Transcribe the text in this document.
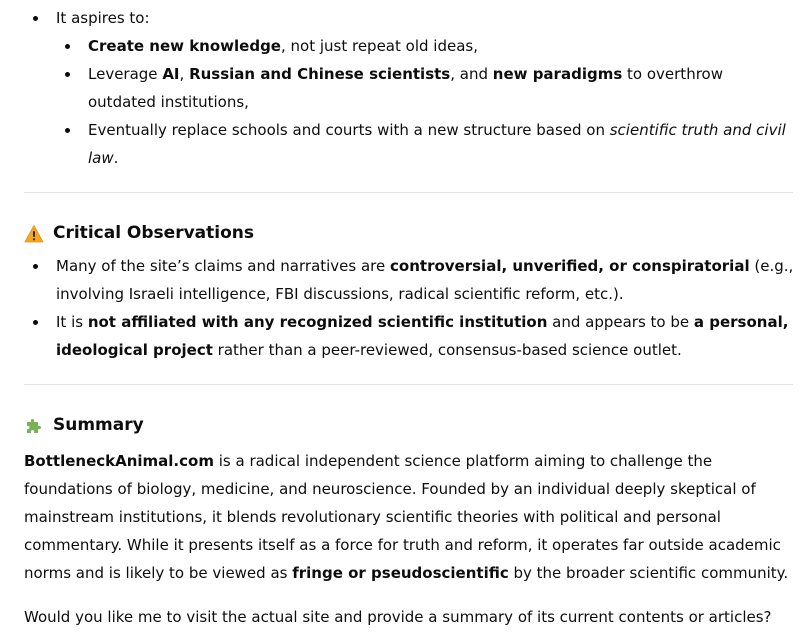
It aspires to:
Create new knowledge, not just repeat old ideas,
Leverage AI, Russian and Chinese scientists, and new paradigms to overthrow outdated institutions,
Eventually replace schools and courts with a new structure based on scientific truth and civil law.
Critical Observations
Many of the site’s claims and narratives are controversial, unverified, or conspiratorial (e.g., involving Israeli intelligence, FBI discussions, radical scientific reform, etc.).
It is not affiliated with any recognized scientific institution and appears to be a personal, ideological project rather than a peer-reviewed, consensus-based science outlet.
Summary

BottleneckAnimal.com is a radical independent science platform aiming to challenge the foundations of biology, medicine, and neuroscience. Founded by an individual deeply skeptical of mainstream institutions, it blends revolutionary scientific theories with political and personal commentary. While it presents itself as a force for truth and reform, it operates far outside academic norms and is likely to be viewed as fringe or pseudoscientific by the broader scientific community.

Would you like me to visit the actual site and provide a summary of its current contents or articles?
